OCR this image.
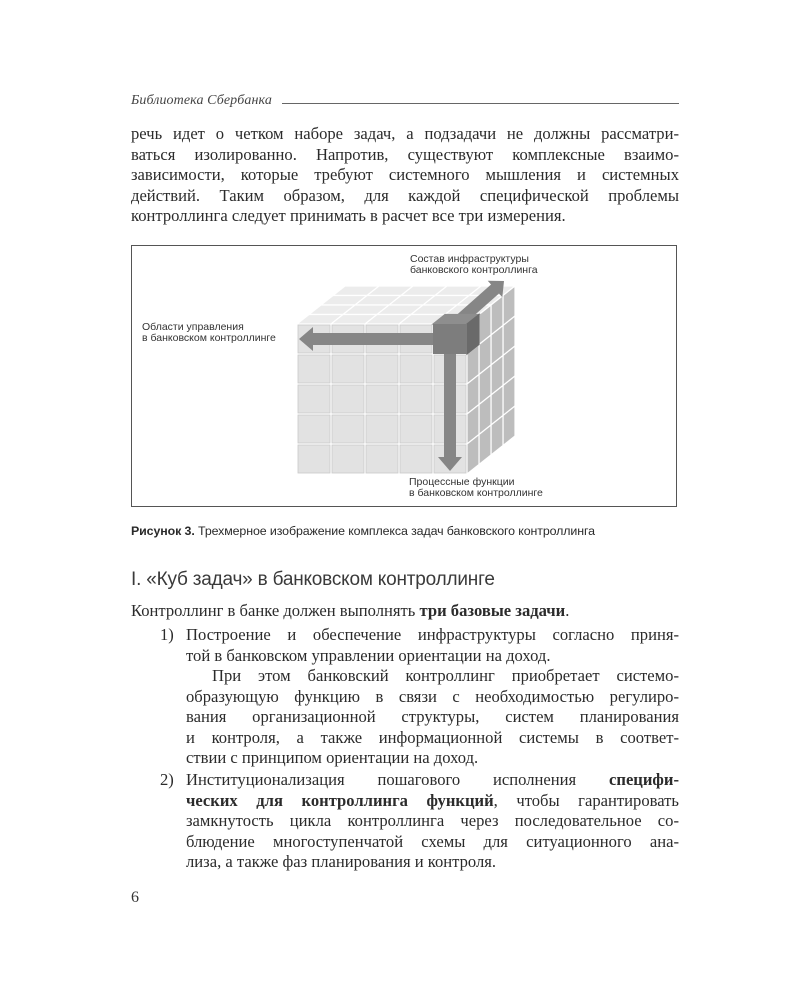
Библиотека Сбербанка
речь идет о четком наборе задач, а подзадачи не должны рассматри-
ваться изолированно. Напротив, существуют комплексные взаимо-
зависимости, которые требуют системного мышления и системных
действий. Таким образом, для каждой специфической проблемы
контроллинга следует принимать в расчет все три измерения.
Состав инфраструктуры
банковского контроллинга
Области управления
в банковском контроллинге
Процессные функции
в банковском контроллинге
Рисунок 3. Трехмерное изображение комплекса задач банковского контроллинга
I. «Куб задач» в банковском контроллинге
Контроллинг в банке должен выполнять три базовые задачи.
1) Построение и обеспечение инфраструктуры согласно приня-
той в банковском управлении ориентации на доход.
При этом банковский контроллинг приобретает системо-
образующую функцию в связи с необходимостью регулиро-
вания организационной структуры, систем планирования
и контроля, а также информационной системы в соответ-
ствии с принципом ориентации на доход.
2) Институционализация пошагового исполнения специфи-
ческих для контроллинга функций, чтобы гарантировать
замкнутость цикла контроллинга через последовательное со-
блюдение многоступенчатой схемы для ситуационного ана-
лиза, а также фаз планирования и контроля.
6
